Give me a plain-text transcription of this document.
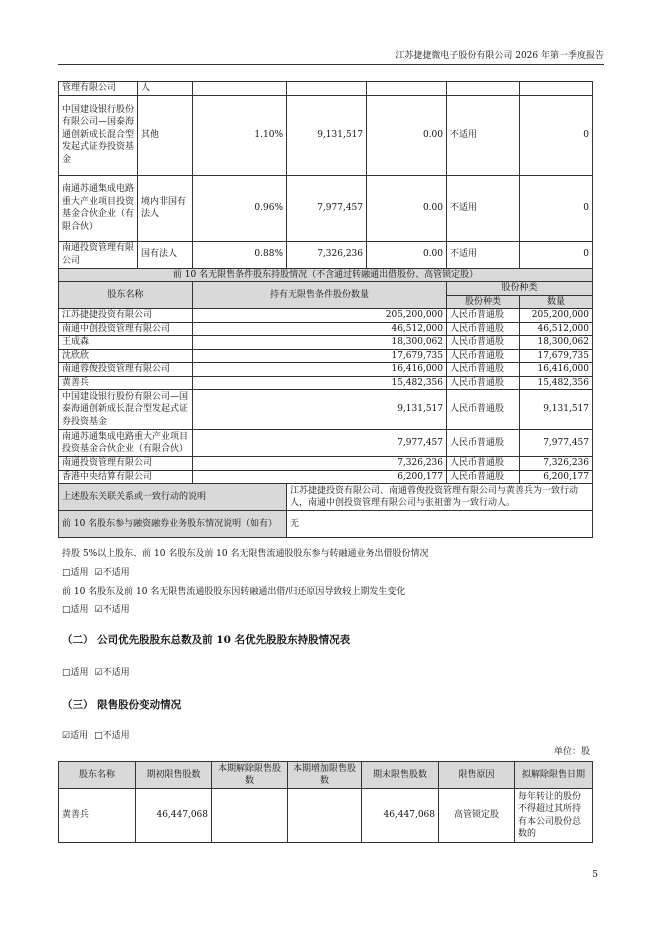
江苏捷捷微电子股份有限公司 2026 年第一季度报告
管理有限公司	人					
中国建设银行股份有限公司—国泰海通创新成长混合型发起式证券投资基金	其他	1.10%	9,131,517	0.00	不适用	0
南通苏通集成电路重大产业项目投资基金合伙企业（有限合伙）	境内非国有法人	0.96%	7,977,457	0.00	不适用	0
南通投资管理有限公司	国有法人	0.88%	7,326,236	0.00	不适用	0
前 10 名无限售条件股东持股情况（不含通过转融通出借股份、高管锁定股）						
股东名称		持有无限售条件股份数量			股份种类	
					股份种类	数量
江苏捷捷投资有限公司		205,200,000			人民币普通股	205,200,000
南通中创投资管理有限公司		46,512,000			人民币普通股	46,512,000
王成森		18,300,062			人民币普通股	18,300,062
沈欣欣		17,679,735			人民币普通股	17,679,735
南通蓉俊投资管理有限公司		16,416,000			人民币普通股	16,416,000
黄善兵		15,482,356			人民币普通股	15,482,356
中国建设银行股份有限公司—国泰海通创新成长混合型发起式证券投资基金		9,131,517			人民币普通股	9,131,517
南通苏通集成电路重大产业项目投资基金合伙企业（有限合伙）		7,977,457			人民币普通股	7,977,457
南通投资管理有限公司		7,326,236			人民币普通股	7,326,236
香港中央结算有限公司		6,200,177			人民币普通股	6,200,177
上述股东关联关系或一致行动的说明			江苏捷捷投资有限公司、南通蓉俊投资管理有限公司与黄善兵为一致行动人，南通中创投资管理有限公司与张祖蕾为一致行动人。			
前 10 名股东参与融资融券业务股东情况说明（如有）			无			
持股 5%以上股东、前 10 名股东及前 10 名无限售流通股股东参与转融通业务出借股份情况
□适用 ☑不适用
前 10 名股东及前 10 名无限售流通股股东因转融通出借/归还原因导致较上期发生变化
□适用 ☑不适用
（二） 公司优先股股东总数及前 10 名优先股股东持股情况表
□适用 ☑不适用
（三） 限售股份变动情况
☑适用 □不适用
单位：股
股东名称	期初限售股数	本期解除限售股数	本期增加限售股数	期末限售股数	限售原因	拟解除限售日期
黄善兵	46,447,068			46,447,068	高管锁定股	每年转让的股份不得超过其所持有本公司股份总数的
5
